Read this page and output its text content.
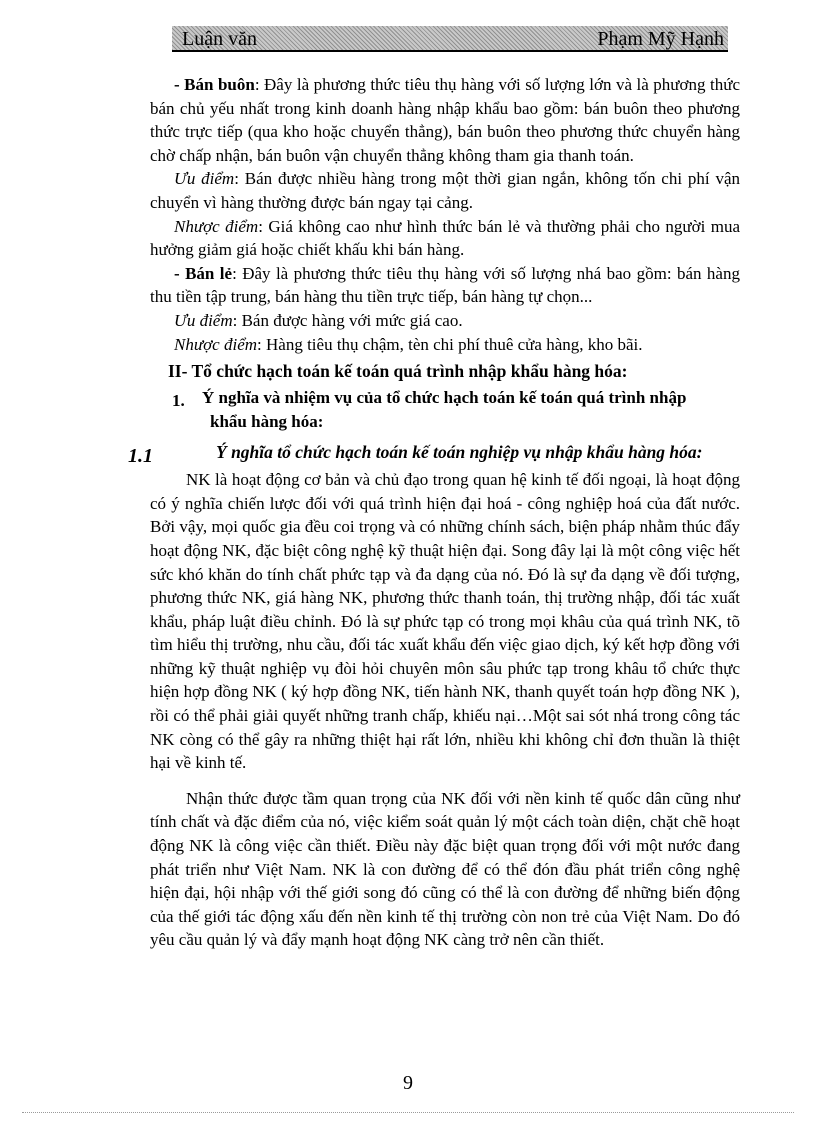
Luận văn	Phạm Mỹ Hạnh

- Bán buôn: Đây là phương thức tiêu thụ hàng với số lượng lớn và là phương thức bán chủ yếu nhất trong kinh doanh hàng nhập khẩu bao gồm: bán buôn theo phương thức trực tiếp (qua kho hoặc chuyển thẳng), bán buôn theo phương thức chuyển hàng chờ chấp nhận, bán buôn vận chuyển thẳng không tham gia thanh toán.

Ưu điểm: Bán được nhiều hàng trong một thời gian ngắn, không tốn chi phí vận chuyển vì hàng thường được bán ngay tại cảng.

Nhược điểm: Giá không cao như hình thức bán lẻ và thường phải cho người mua hưởng giảm giá hoặc chiết khấu khi bán hàng.

- Bán lẻ: Đây là phương thức tiêu thụ hàng với số lượng nhá bao gồm: bán hàng thu tiền tập trung, bán hàng thu tiền trực tiếp, bán hàng tự chọn...

Ưu điểm: Bán được hàng với mức giá cao.

Nhược điểm: Hàng tiêu thụ chậm, tèn chi phí thuê cửa hàng, kho bãi.

II- Tổ chức hạch toán kế toán quá trình nhập khẩu hàng hóa:
1. Ý nghĩa và nhiệm vụ của tổ chức hạch toán kế toán quá trình nhập
khẩu hàng hóa:
1.1	Ý nghĩa tổ chức hạch toán kế toán nghiệp vụ nhập khẩu hàng hóa:

NK là hoạt động cơ bản và chủ đạo trong quan hệ kinh tế đối ngoại, là hoạt động có ý nghĩa chiến lược đối với quá trình hiện đại hoá - công nghiệp hoá của đất nước. Bởi vậy, mọi quốc gia đều coi trọng và có những chính sách, biện pháp nhằm thúc đẩy hoạt động NK, đặc biệt công nghệ kỹ thuật hiện đại. Song đây lại là một công việc hết sức khó khăn do tính chất phức tạp và đa dạng của nó. Đó là sự đa dạng về đối tượng, phương thức NK, giá hàng NK, phương thức thanh toán, thị trường nhập, đối tác xuất khẩu, pháp luật điều chỉnh. Đó là sự phức tạp có trong mọi khâu của quá trình NK, tõ tìm hiểu thị trường, nhu cầu, đối tác xuất khẩu đến việc giao dịch, ký kết hợp đồng với những kỹ thuật nghiệp vụ đòi hỏi chuyên môn sâu phức tạp trong khâu tổ chức thực hiện hợp đồng NK ( ký hợp đồng NK, tiến hành NK, thanh quyết toán hợp đồng NK ), rồi có thể phải giải quyết những tranh chấp, khiếu nại…Một sai sót nhá trong công tác NK còng có thể gây ra những thiệt hại rất lớn, nhiều khi không chỉ đơn thuần là thiệt hại về kinh tế.

Nhận thức được tầm quan trọng của NK đối với nền kinh tế quốc dân cũng như tính chất và đặc điểm của nó, việc kiểm soát quản lý một cách toàn diện, chặt chẽ hoạt động NK là công việc cần thiết. Điều này đặc biệt quan trọng đối với một nước đang phát triển như Việt Nam. NK là con đường để có thể đón đầu phát triển công nghệ hiện đại, hội nhập với thế giới song đó cũng có thể là con đường để những biến động của thế giới tác động xấu đến nền kinh tế thị trường còn non trẻ của Việt Nam. Do đó yêu cầu quản lý và đẩy mạnh hoạt động NK càng trở nên cần thiết.

9
